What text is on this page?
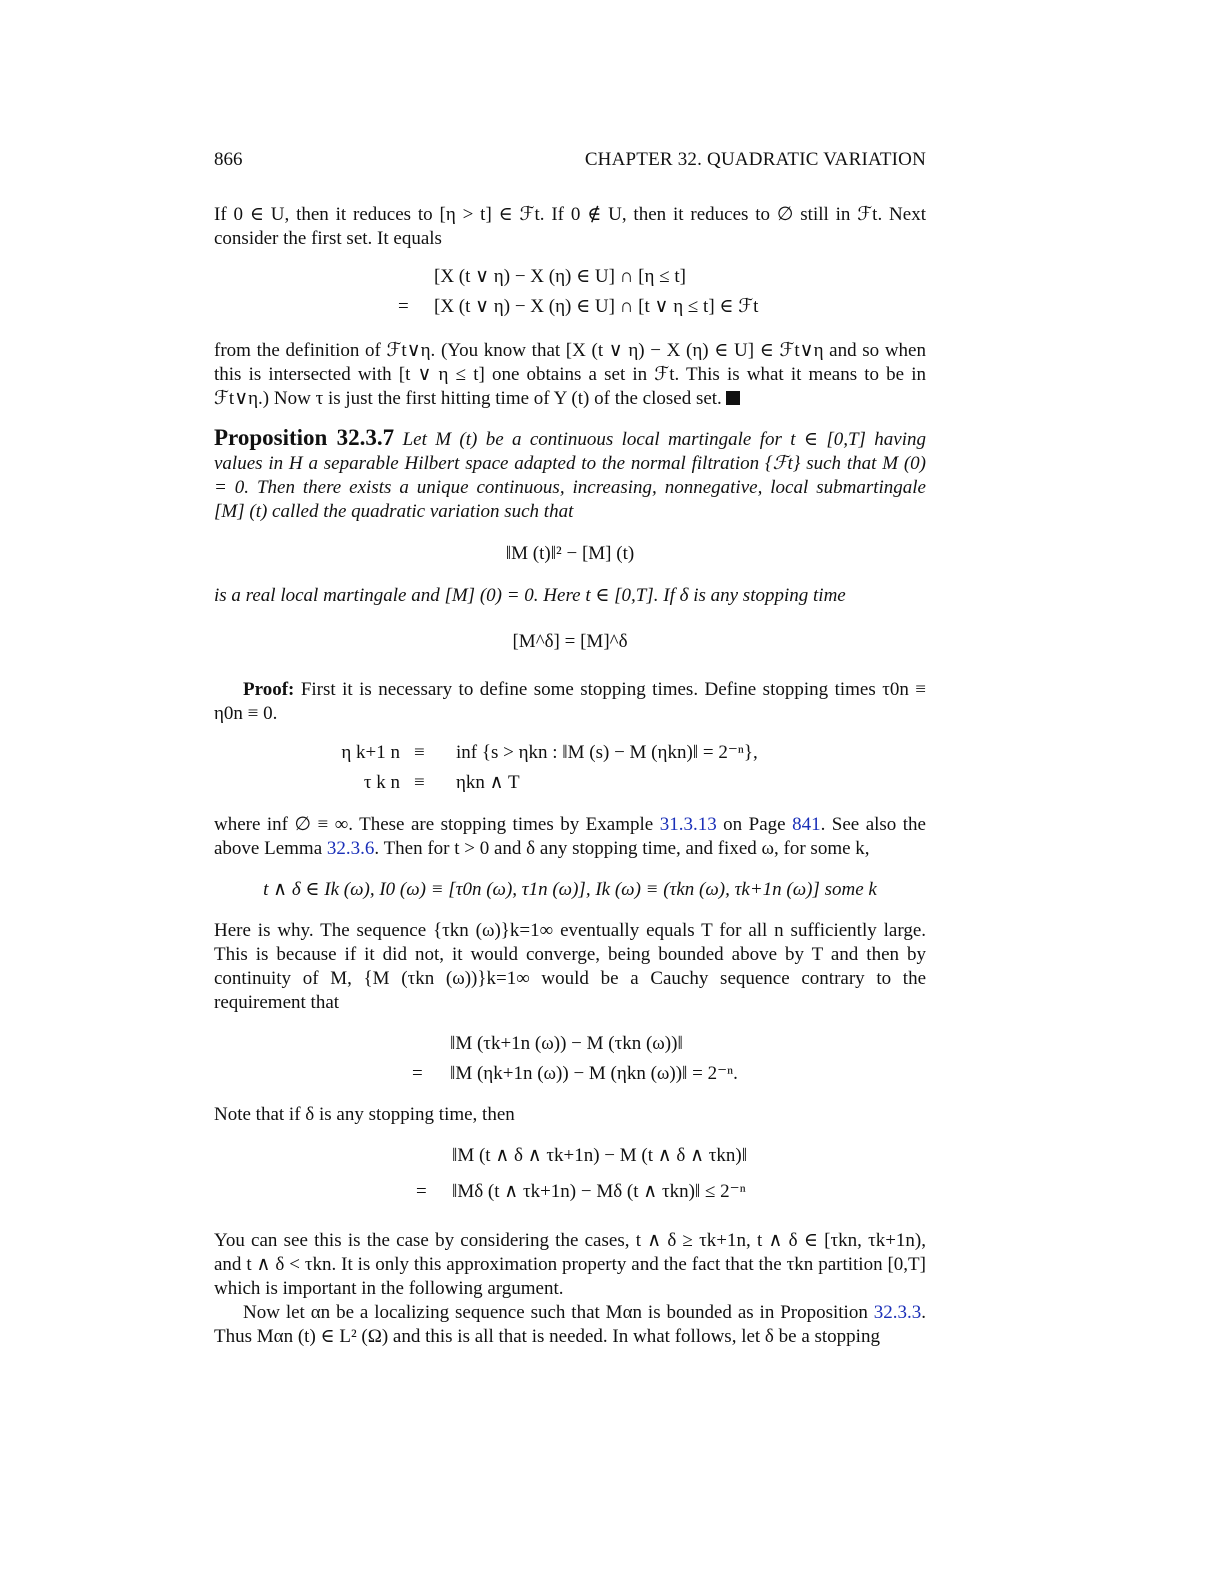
866	CHAPTER 32. QUADRATIC VARIATION
If 0 ∈ U, then it reduces to [η > t] ∈ ℱt. If 0 ∉ U, then it reduces to ∅ still in ℱt. Next consider the first set. It equals
[X (t ∨ η) − X (η) ∈ U] ∩ [η ≤ t]
= [X (t ∨ η) − X (η) ∈ U] ∩ [t ∨ η ≤ t] ∈ ℱt
from the definition of ℱt∨η. (You know that [X (t ∨ η) − X (η) ∈ U] ∈ ℱt∨η and so when this is intersected with [t ∨ η ≤ t] one obtains a set in ℱt. This is what it means to be in ℱt∨η.) Now τ is just the first hitting time of Y (t) of the closed set.
Proposition 32.3.7 Let M (t) be a continuous local martingale for t ∈ [0,T] having values in H a separable Hilbert space adapted to the normal filtration {ℱt} such that M (0) = 0. Then there exists a unique continuous, increasing, nonnegative, local submartingale [M] (t) called the quadratic variation such that
‖M (t)‖² − [M] (t)
is a real local martingale and [M] (0) = 0. Here t ∈ [0,T]. If δ is any stopping time
[M^δ] = [M]^δ
Proof: First it is necessary to define some stopping times. Define stopping times τ0n ≡ η0n ≡ 0.
η k+1 n ≡ inf {s > ηkn : ‖M (s) − M (ηkn)‖ = 2⁻ⁿ},
τ k n ≡ ηkn ∧ T
where inf ∅ ≡ ∞. These are stopping times by Example 31.3.13 on Page 841. See also the above Lemma 32.3.6. Then for t > 0 and δ any stopping time, and fixed ω, for some k,
t ∧ δ ∈ Ik (ω), I0 (ω) ≡ [τ0n (ω), τ1n (ω)], Ik (ω) ≡ (τkn (ω), τk+1n (ω)] some k
Here is why. The sequence {τkn (ω)}k=1∞ eventually equals T for all n sufficiently large. This is because if it did not, it would converge, being bounded above by T and then by continuity of M, {M (τkn (ω))}k=1∞ would be a Cauchy sequence contrary to the requirement that
‖M (τk+1n (ω)) − M (τkn (ω))‖
= ‖M (ηk+1n (ω)) − M (ηkn (ω))‖ = 2⁻ⁿ.
Note that if δ is any stopping time, then
‖M (t ∧ δ ∧ τk+1n) − M (t ∧ δ ∧ τkn)‖
= ‖Mδ (t ∧ τk+1n) − Mδ (t ∧ τkn)‖ ≤ 2⁻ⁿ
You can see this is the case by considering the cases, t ∧ δ ≥ τk+1n, t ∧ δ ∈ [τkn, τk+1n), and t ∧ δ < τkn. It is only this approximation property and the fact that the τkn partition [0,T] which is important in the following argument.
Now let αn be a localizing sequence such that Mαn is bounded as in Proposition 32.3.3. Thus Mαn (t) ∈ L² (Ω) and this is all that is needed. In what follows, let δ be a stopping
